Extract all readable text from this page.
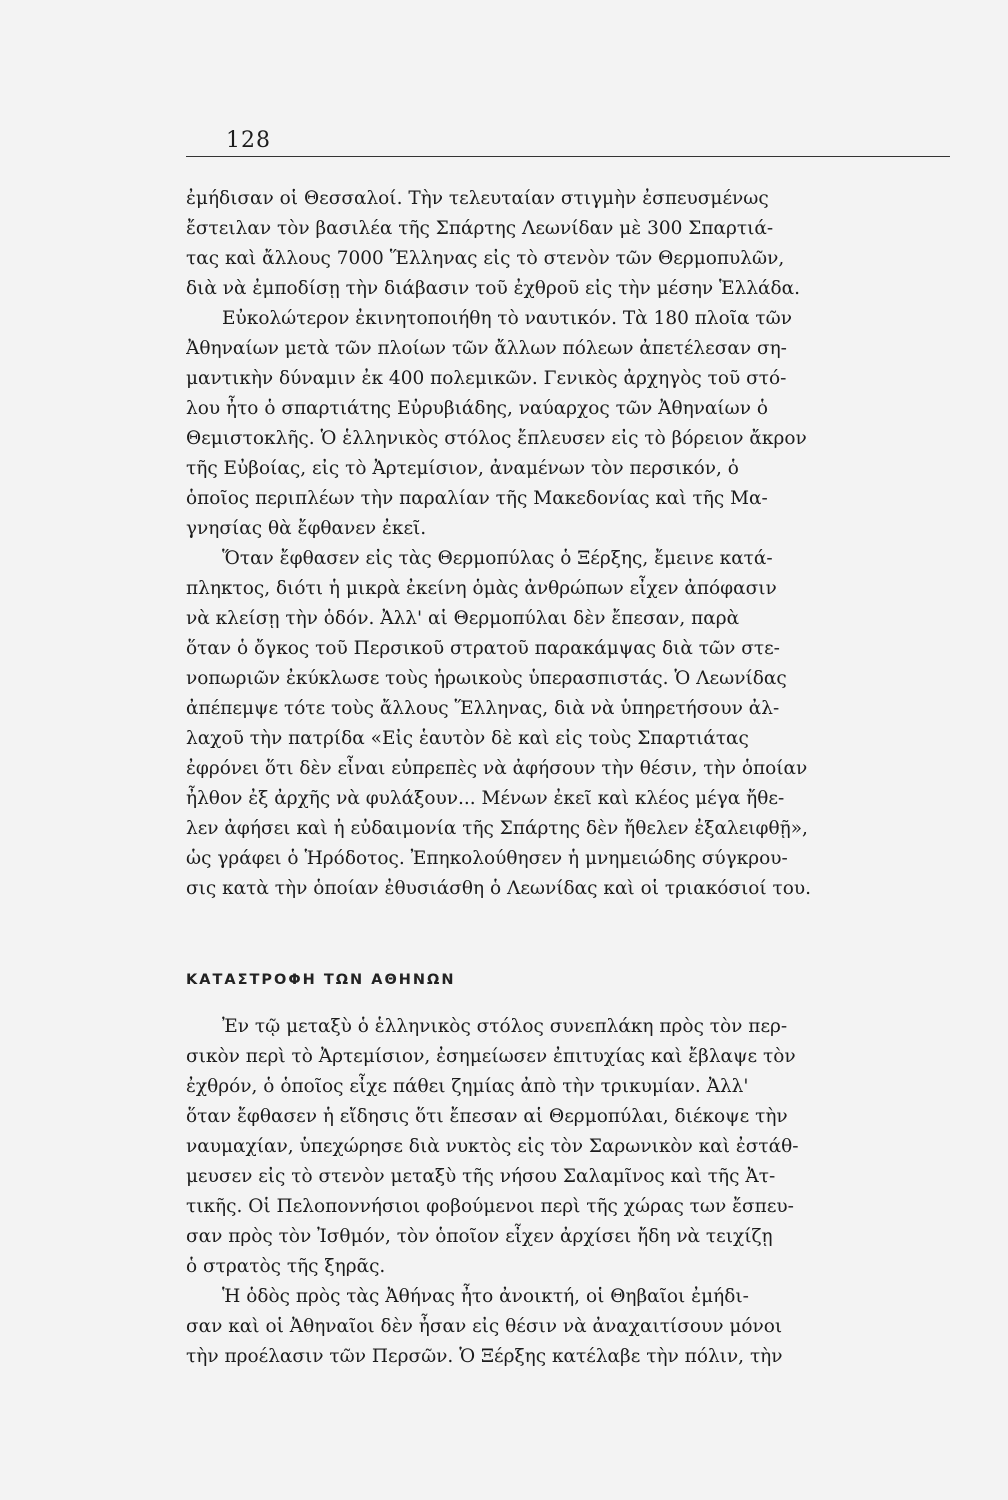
128
ἐμήδισαν οἱ Θεσσαλοί. Τὴν τελευταίαν στιγμὴν ἐσπευσμένως
ἔστειλαν τὸν βασιλέα τῆς Σπάρτης Λεωνίδαν μὲ 300 Σπαρτιά-
τας καὶ ἄλλους 7000 Ἕλληνας εἰς τὸ στενὸν τῶν Θερμοπυλῶν,
διὰ νὰ ἐμποδίσῃ τὴν διάβασιν τοῦ ἐχθροῦ εἰς τὴν μέσην Ἑλλάδα.
Εὐκολώτερον ἐκινητοποιήθη τὸ ναυτικόν. Τὰ 180 πλοῖα τῶν
Ἀθηναίων μετὰ τῶν πλοίων τῶν ἄλλων πόλεων ἀπετέλεσαν ση-
μαντικὴν δύναμιν ἐκ 400 πολεμικῶν. Γενικὸς ἀρχηγὸς τοῦ στό-
λου ἦτο ὁ σπαρτιάτης Εὐρυβιάδης, ναύαρχος τῶν Ἀθηναίων ὁ
Θεμιστοκλῆς. Ὁ ἑλληνικὸς στόλος ἔπλευσεν εἰς τὸ βόρειον ἄκρον
τῆς Εὐβοίας, εἰς τὸ Ἀρτεμίσιον, ἀναμένων τὸν περσικόν, ὁ
ὁποῖος περιπλέων τὴν παραλίαν τῆς Μακεδονίας καὶ τῆς Μα-
γνησίας θὰ ἔφθανεν ἐκεῖ.
Ὅταν ἔφθασεν εἰς τὰς Θερμοπύλας ὁ Ξέρξης, ἔμεινε κατά-
πληκτος, διότι ἡ μικρὰ ἐκείνη ὁμὰς ἀνθρώπων εἶχεν ἀπόφασιν
νὰ κλείσῃ τὴν ὁδόν. Ἀλλ' αἱ Θερμοπύλαι δὲν ἔπεσαν, παρὰ
ὅταν ὁ ὄγκος τοῦ Περσικοῦ στρατοῦ παρακάμψας διὰ τῶν στε-
νοπωριῶν ἐκύκλωσε τοὺς ἡρωικοὺς ὑπερασπιστάς. Ὁ Λεωνίδας
ἀπέπεμψε τότε τοὺς ἄλλους Ἕλληνας, διὰ νὰ ὑπηρετήσουν ἀλ-
λαχοῦ τὴν πατρίδα «Εἰς ἑαυτὸν δὲ καὶ εἰς τοὺς Σπαρτιάτας
ἐφρόνει ὅτι δὲν εἶναι εὐπρεπὲς νὰ ἀφήσουν τὴν θέσιν, τὴν ὁποίαν
ἦλθον ἐξ ἀρχῆς νὰ φυλάξουν... Μένων ἐκεῖ καὶ κλέος μέγα ἤθε-
λεν ἀφήσει καὶ ἡ εὐδαιμονία τῆς Σπάρτης δὲν ἤθελεν ἐξαλειφθῇ»,
ὡς γράφει ὁ Ἡρόδοτος. Ἐπηκολούθησεν ἡ μνημειώδης σύγκρου-
σις κατὰ τὴν ὁποίαν ἐθυσιάσθη ὁ Λεωνίδας καὶ οἱ τριακόσιοί του.
ΚΑΤΑΣΤΡΟΦΗ ΤΩΝ ΑΘΗΝΩΝ
Ἐν τῷ μεταξὺ ὁ ἑλληνικὸς στόλος συνεπλάκη πρὸς τὸν περ-
σικὸν περὶ τὸ Ἀρτεμίσιον, ἐσημείωσεν ἐπιτυχίας καὶ ἔβλαψε τὸν
ἐχθρόν, ὁ ὁποῖος εἶχε πάθει ζημίας ἀπὸ τὴν τρικυμίαν. Ἀλλ'
ὅταν ἔφθασεν ἡ εἴδησις ὅτι ἔπεσαν αἱ Θερμοπύλαι, διέκοψε τὴν
ναυμαχίαν, ὑπεχώρησε διὰ νυκτὸς εἰς τὸν Σαρωνικὸν καὶ ἐστάθ-
μευσεν εἰς τὸ στενὸν μεταξὺ τῆς νήσου Σαλαμῖνος καὶ τῆς Ἀτ-
τικῆς. Οἱ Πελοποννήσιοι φοβούμενοι περὶ τῆς χώρας των ἔσπευ-
σαν πρὸς τὸν Ἰσθμόν, τὸν ὁποῖον εἶχεν ἀρχίσει ἤδη νὰ τειχίζῃ
ὁ στρατὸς τῆς ξηρᾶς.
Ἡ ὁδὸς πρὸς τὰς Ἀθήνας ἦτο ἀνοικτή, οἱ Θηβαῖοι ἐμήδι-
σαν καὶ οἱ Ἀθηναῖοι δὲν ἦσαν εἰς θέσιν νὰ ἀναχαιτίσουν μόνοι
τὴν προέλασιν τῶν Περσῶν. Ὁ Ξέρξης κατέλαβε τὴν πόλιν, τὴν
